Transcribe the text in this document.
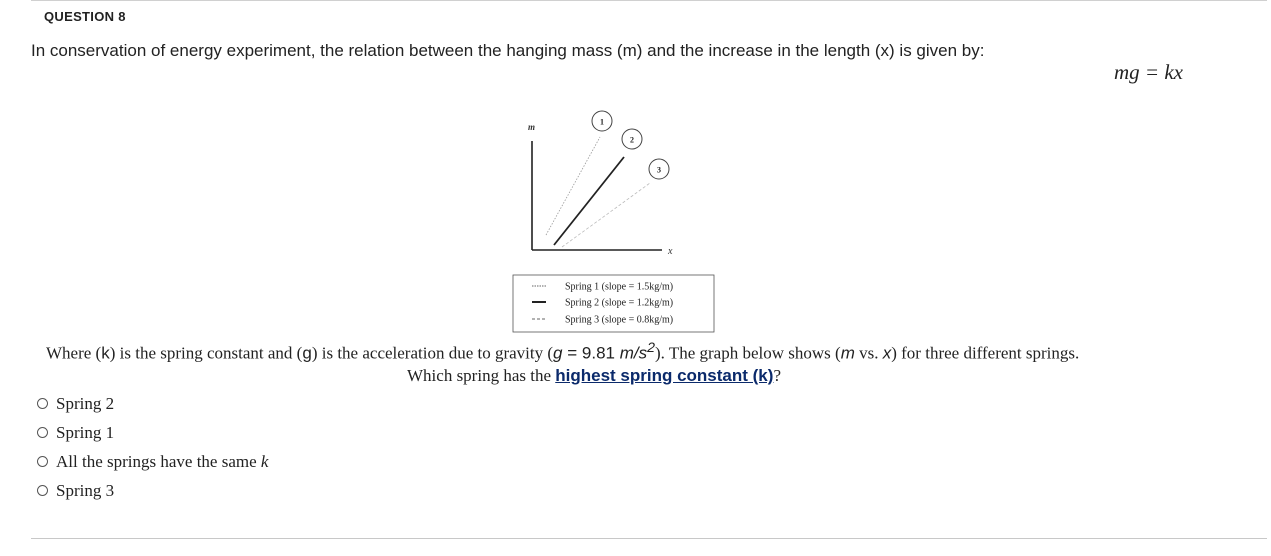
QUESTION 8
In conservation of energy experiment, the relation between the hanging mass (m) and the increase in the length (x) is given by:
mg = kx
m
x
1
2
3
Spring 1 (slope = 1.5kg/m)
Spring 2 (slope = 1.2kg/m)
Spring 3 (slope = 0.8kg/m)
Where (k) is the spring constant and (g) is the acceleration due to gravity (g = 9.81 $m/s^2$). The graph below shows (m vs. x) for three different springs.
Which spring has the highest spring constant (k)?
Spring 2
Spring 1
All the springs have the same k
Spring 3
